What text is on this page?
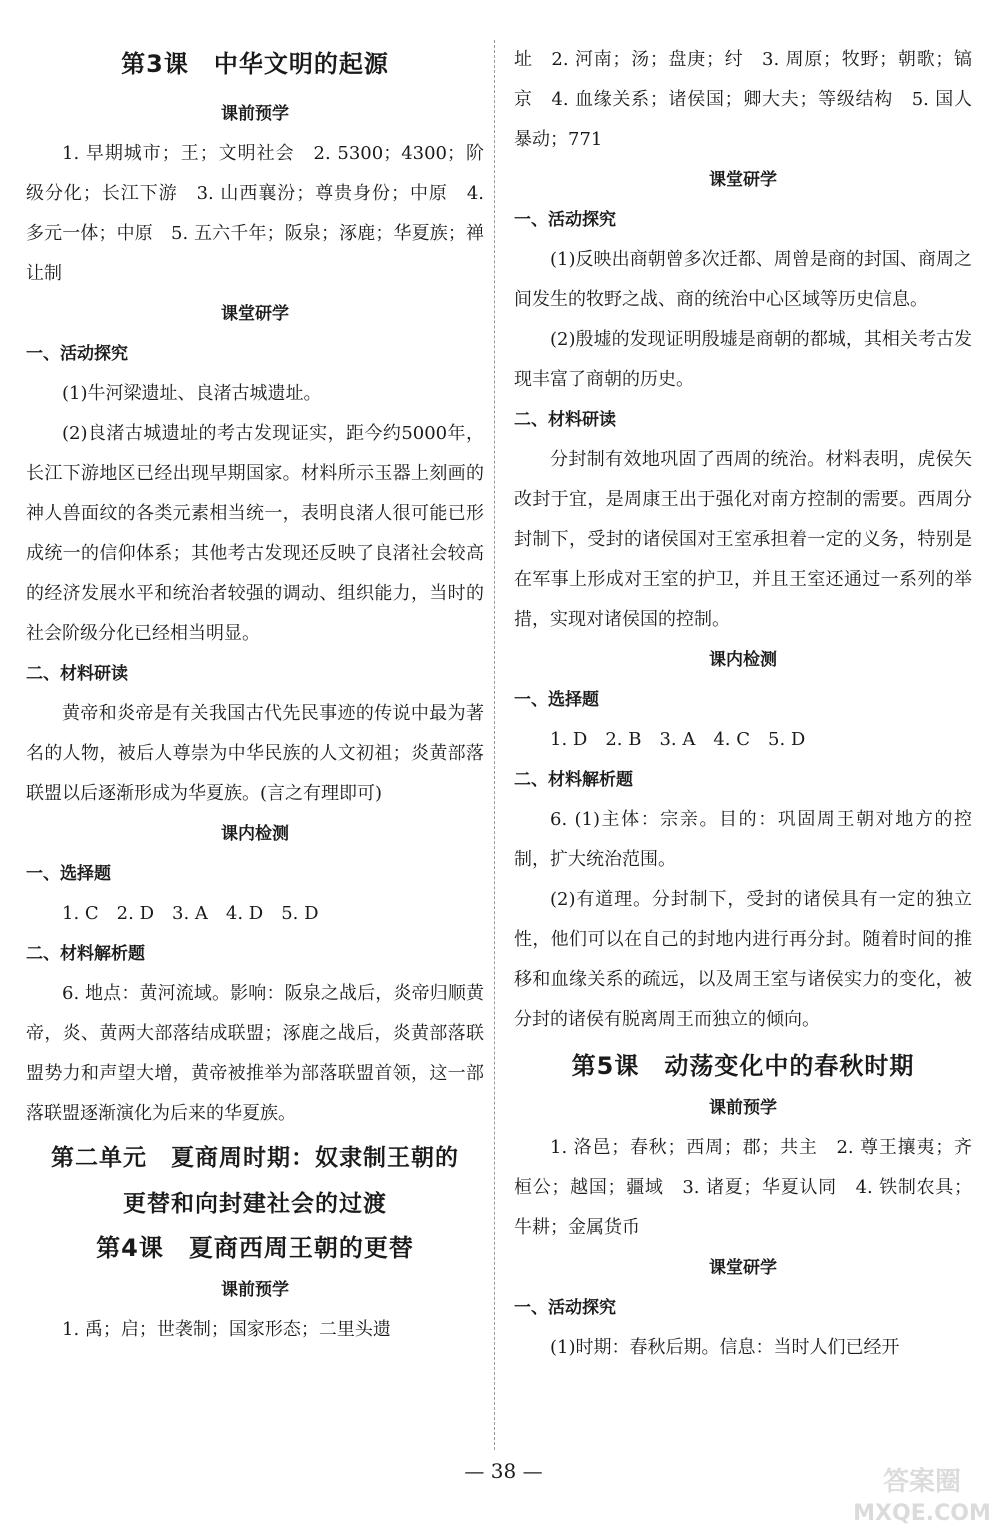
第3课　中华文明的起源
课前预学

1. 早期城市；王；文明社会　2. 5300；4300；阶级分化；长江下游　3. 山西襄汾；尊贵身份；中原　4. 多元一体；中原　5. 五六千年；阪泉；涿鹿；华夏族；禅让制

课堂研学
一、活动探究

(1)牛河梁遗址、良渚古城遗址。

(2)良渚古城遗址的考古发现证实，距今约5000年，长江下游地区已经出现早期国家。材料所示玉器上刻画的神人兽面纹的各类元素相当统一，表明良渚人很可能已形成统一的信仰体系；其他考古发现还反映了良渚社会较高的经济发展水平和统治者较强的调动、组织能力，当时的社会阶级分化已经相当明显。

二、材料研读

黄帝和炎帝是有关我国古代先民事迹的传说中最为著名的人物，被后人尊崇为中华民族的人文初祖；炎黄部落联盟以后逐渐形成为华夏族。(言之有理即可)

课内检测
一、选择题

1. C　2. D　3. A　4. D　5. D

二、材料解析题

6. 地点：黄河流域。影响：阪泉之战后，炎帝归顺黄帝，炎、黄两大部落结成联盟；涿鹿之战后，炎黄部落联盟势力和声望大增，黄帝被推举为部落联盟首领，这一部落联盟逐渐演化为后来的华夏族。

第二单元　夏商周时期：奴隶制王朝的
更替和向封建社会的过渡
第4课　夏商西周王朝的更替
课前预学

1. 禹；启；世袭制；国家形态；二里头遗

址　2. 河南；汤；盘庚；纣　3. 周原；牧野；朝歌；镐京　4. 血缘关系；诸侯国；卿大夫；等级结构　5. 国人暴动；771

课堂研学
一、活动探究

(1)反映出商朝曾多次迁都、周曾是商的封国、商周之间发生的牧野之战、商的统治中心区域等历史信息。

(2)殷墟的发现证明殷墟是商朝的都城，其相关考古发现丰富了商朝的历史。

二、材料研读

分封制有效地巩固了西周的统治。材料表明，虎侯矢改封于宜，是周康王出于强化对南方控制的需要。西周分封制下，受封的诸侯国对王室承担着一定的义务，特别是在军事上形成对王室的护卫，并且王室还通过一系列的举措，实现对诸侯国的控制。

课内检测
一、选择题

1. D　2. B　3. A　4. C　5. D

二、材料解析题

6. (1)主体：宗亲。目的：巩固周王朝对地方的控制，扩大统治范围。

(2)有道理。分封制下，受封的诸侯具有一定的独立性，他们可以在自己的封地内进行再分封。随着时间的推移和血缘关系的疏远，以及周王室与诸侯实力的变化，被分封的诸侯有脱离周王而独立的倾向。

第5课　动荡变化中的春秋时期
课前预学

1. 洛邑；春秋；西周；郡；共主　2. 尊王攘夷；齐桓公；越国；疆域　3. 诸夏；华夏认同　4. 铁制农具；牛耕；金属货币

课堂研学
一、活动探究

(1)时期：春秋后期。信息：当时人们已经开

— 38 —	答案圈
MXQE.COM
